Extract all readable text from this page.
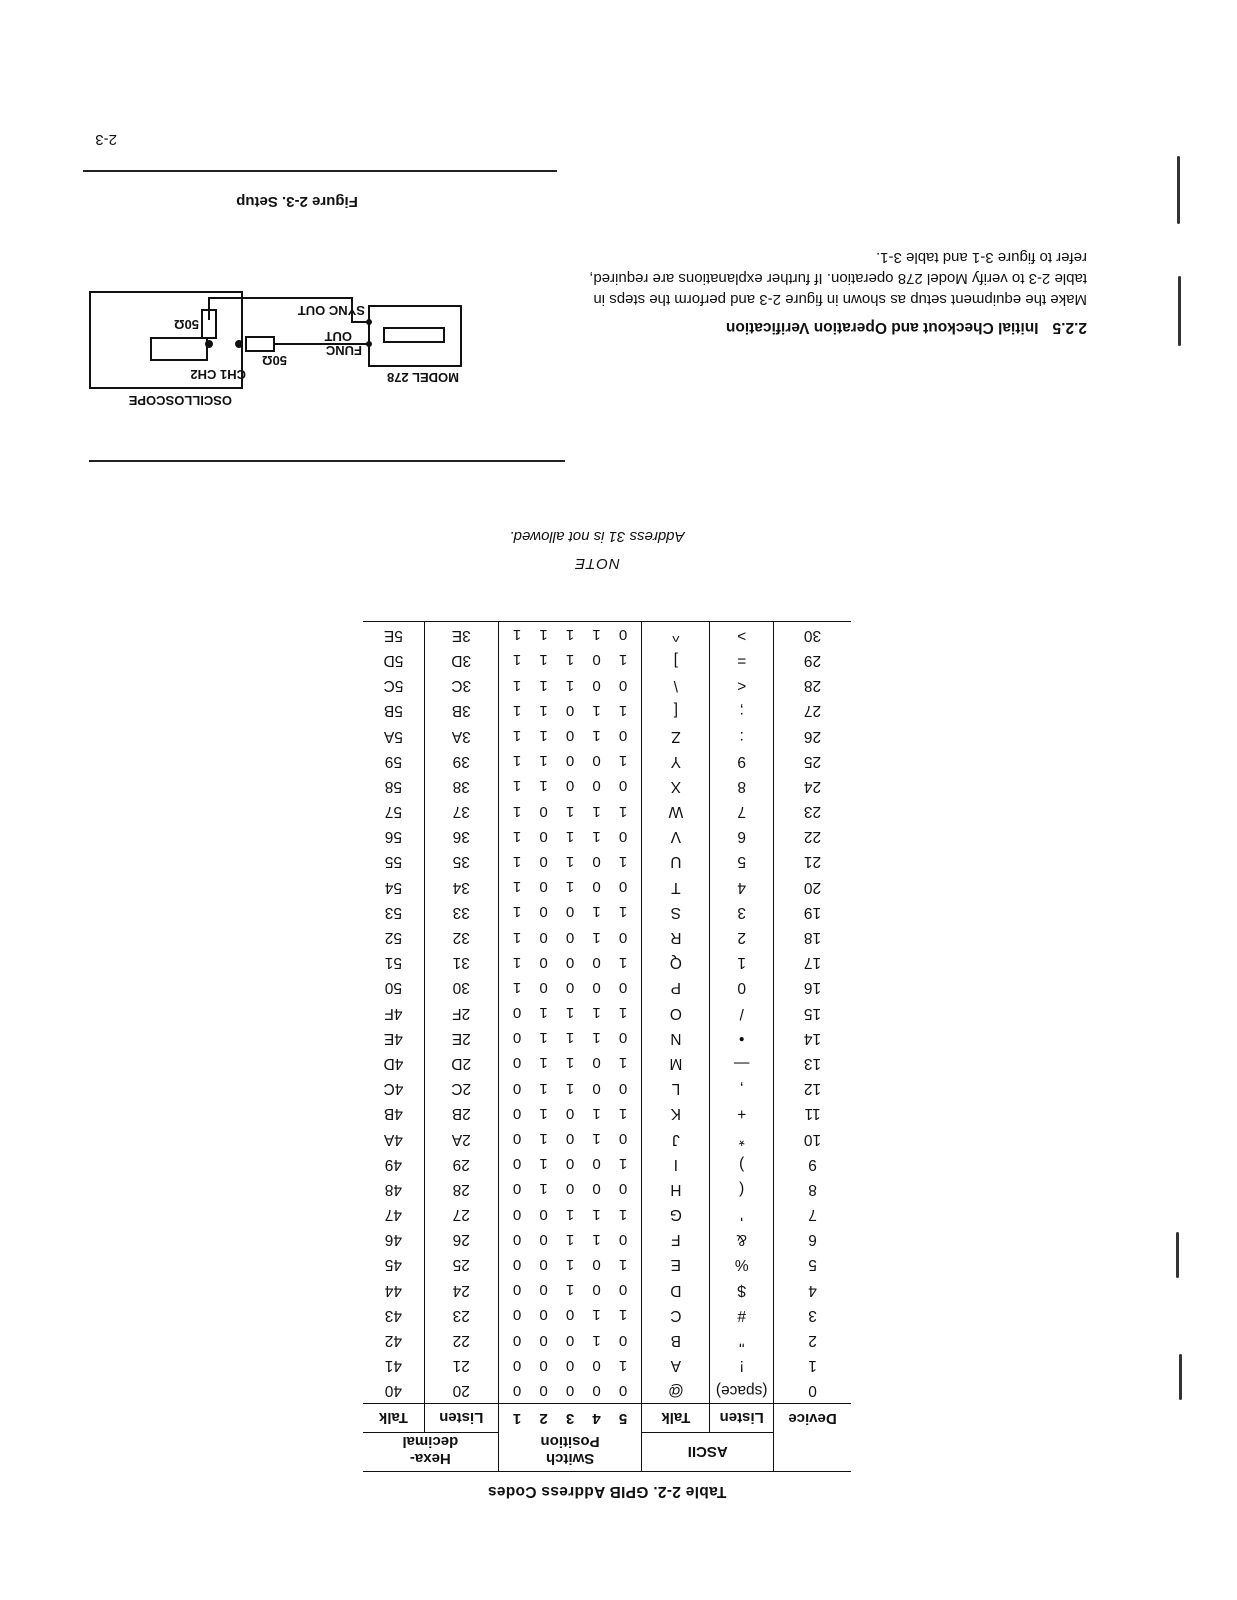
2.2.5Initial Checkout and Operation Verification
Make the equipment setup as shown in figure 2-3 and perform the steps in table 2-3 to verify Model 278 operation. If further explanations are required, refer to figure 3-1 and table 3-1.
OSCILLOSCOPE
CH1 CH2	MODEL 278
FUNC
OUT
SYNC OUT
50Ω
50Ω
Figure 2-3. Setup
2-3
NOTE
Address 31 is not allowed.
Table 2-2. GPIB Address Codes
Device	ASCII		Switch
Position	Hexa-
decimal	
	Listen	Talk	5 4 3 2 1	Listen	Talk
0	(space)	@	0 0 0 0 0	20	40
1	!	A	1 0 0 0 0	21	41
2	"	B	0 1 0 0 0	22	42
3	#	C	1 1 0 0 0	23	43
4	$	D	0 0 1 0 0	24	44
5	%	E	1 0 1 0 0	25	45
6	&	F	0 1 1 0 0	26	46
7	'	G	1 1 1 0 0	27	47
8	(	H	0 0 0 1 0	28	48
9	)	I	1 0 0 1 0	29	49
10	*	J	0 1 0 1 0	2A	4A
11	+	K	1 1 0 1 0	2B	4B
12	,	L	0 0 1 1 0	2C	4C
13	—	M	1 0 1 1 0	2D	4D
14	•	N	0 1 1 1 0	2E	4E
15	/	O	1 1 1 1 0	2F	4F
16	0	P	0 0 0 0 1	30	50
17	1	Q	1 0 0 0 1	31	51
18	2	R	0 1 0 0 1	32	52
19	3	S	1 1 0 0 1	33	53
20	4	T	0 0 1 0 1	34	54
21	5	U	1 0 1 0 1	35	55
22	6	V	0 1 1 0 1	36	56
23	7	W	1 1 1 0 1	37	57
24	8	X	0 0 0 1 1	38	58
25	9	Y	1 0 0 1 1	39	59
26	:	Z	0 1 0 1 1	3A	5A
27	;	[	1 1 0 1 1	3B	5B
28	<	\	0 0 1 1 1	3C	5C
29	=	]	1 0 1 1 1	3D	5D
30	>	^	0 1 1 1 1	3E	5E
